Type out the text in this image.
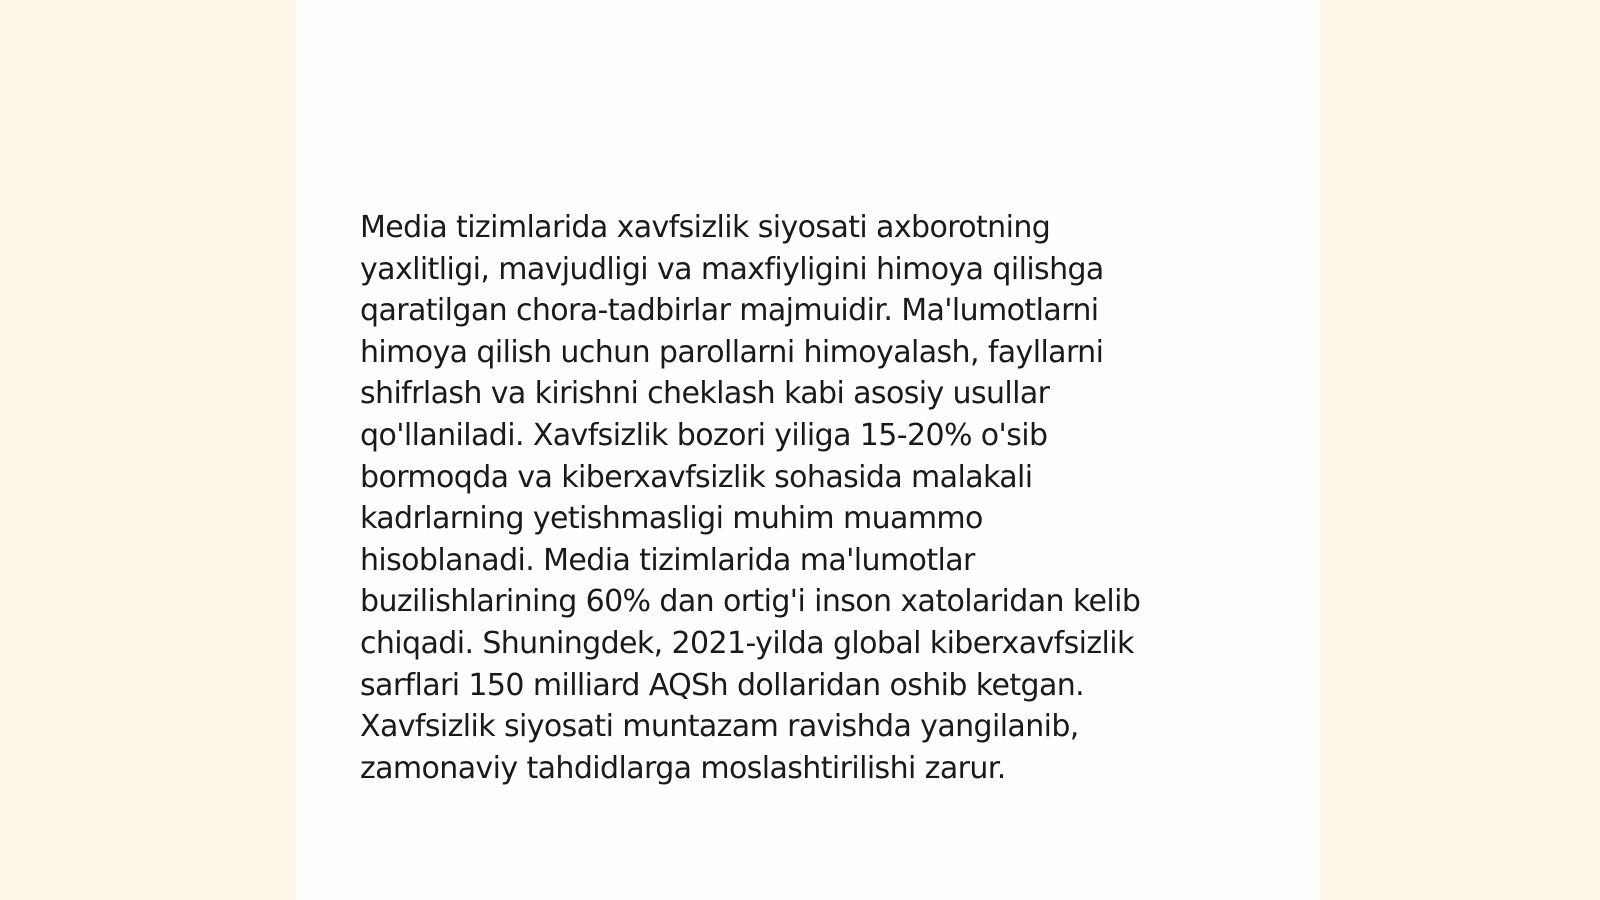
Media tizimlarida xavfsizlik siyosati axborotning
yaxlitligi, mavjudligi va maxfiyligini himoya qilishga
qaratilgan chora-tadbirlar majmuidir. Ma'lumotlarni
himoya qilish uchun parollarni himoyalash, fayllarni
shifrlash va kirishni cheklash kabi asosiy usullar
qo'llaniladi. Xavfsizlik bozori yiliga 15-20% o'sib
bormoqda va kiberxavfsizlik sohasida malakali
kadrlarning yetishmasligi muhim muammo
hisoblanadi. Media tizimlarida ma'lumotlar
buzilishlarining 60% dan ortig'i inson xatolaridan kelib
chiqadi. Shuningdek, 2021-yilda global kiberxavfsizlik
sarflari 150 milliard AQSh dollaridan oshib ketgan.
Xavfsizlik siyosati muntazam ravishda yangilanib,
zamonaviy tahdidlarga moslashtirilishi zarur.
